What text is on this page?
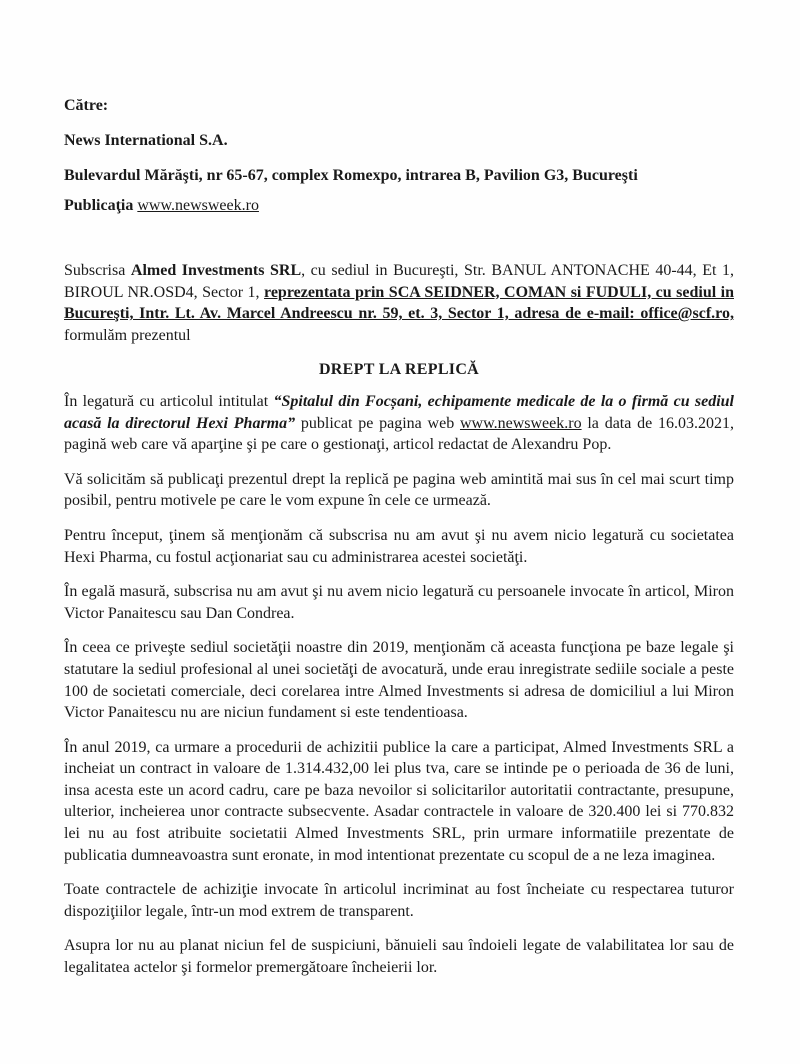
Către:
News International S.A.
Bulevardul Mărăşti, nr 65-67, complex Romexpo, intrarea B, Pavilion G3, Bucureşti
Publicaţia www.newsweek.ro

Subscrisa Almed Investments SRL, cu sediul in Bucureşti, Str. BANUL ANTONACHE 40-44, Et 1, BIROUL NR.OSD4, Sector 1, reprezentata prin SCA SEIDNER, COMAN si FUDULI, cu sediul in Bucureşti, Intr. Lt. Av. Marcel Andreescu nr. 59, et. 3, Sector 1, adresa de e-mail: office@scf.ro, formulăm prezentul

DREPT LA REPLICĂ

În legatură cu articolul intitulat “Spitalul din Focșani, echipamente medicale de la o firmă cu sediul acasă la directorul Hexi Pharma” publicat pe pagina web www.newsweek.ro la data de 16.03.2021, pagină web care vă aparţine şi pe care o gestionaţi, articol redactat de Alexandru Pop.

Vă solicităm să publicaţi prezentul drept la replică pe pagina web amintită mai sus în cel mai scurt timp posibil, pentru motivele pe care le vom expune în cele ce urmează.

Pentru început, ţinem să menţionăm că subscrisa nu am avut şi nu avem nicio legatură cu societatea Hexi Pharma, cu fostul acţionariat sau cu administrarea acestei societăţi.

În egală masură, subscrisa nu am avut şi nu avem nicio legatură cu persoanele invocate în articol, Miron Victor Panaitescu sau Dan Condrea.

În ceea ce priveşte sediul societăţii noastre din 2019, menţionăm că aceasta funcţiona pe baze legale şi statutare la sediul profesional al unei societăţi de avocatură, unde erau inregistrate sediile sociale a peste 100 de societati comerciale, deci corelarea intre Almed Investments si adresa de domiciliul a lui Miron Victor Panaitescu nu are niciun fundament si este tendentioasa.

În anul 2019, ca urmare a procedurii de achizitii publice la care a participat, Almed Investments SRL a incheiat un contract in valoare de 1.314.432,00 lei plus tva, care se intinde pe o perioada de 36 de luni, insa acesta este un acord cadru, care pe baza nevoilor si solicitarilor autoritatii contractante, presupune, ulterior, incheierea unor contracte subsecvente. Asadar contractele in valoare de 320.400 lei si 770.832 lei nu au fost atribuite societatii Almed Investments SRL, prin urmare informatiile prezentate de publicatia dumneavoastra sunt eronate, in mod intentionat prezentate cu scopul de a ne leza imaginea.

Toate contractele de achiziţie invocate în articolul incriminat au fost încheiate cu respectarea tuturor dispoziţiilor legale, într-un mod extrem de transparent.

Asupra lor nu au planat niciun fel de suspiciuni, bănuieli sau îndoieli legate de valabilitatea lor sau de legalitatea actelor şi formelor premergătoare încheierii lor.
